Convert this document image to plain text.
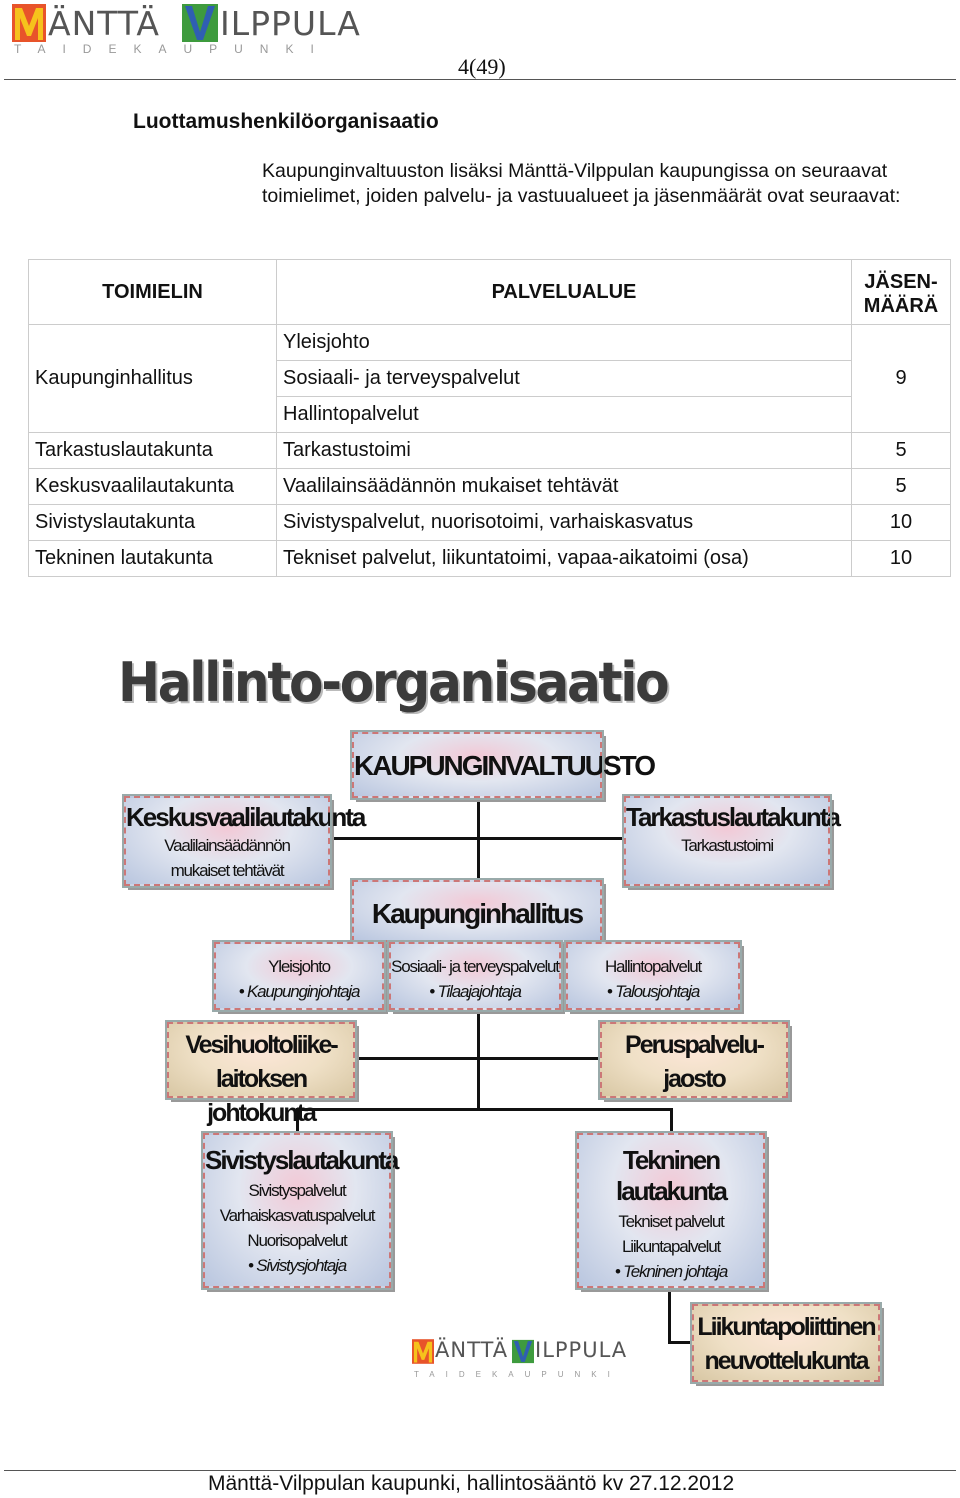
ÄNTTÄ ILPPULA
TAIDEKAUPUNKI
4(49)
Luottamushenkilöorganisaatio

Kaupunginvaltuuston lisäksi Mänttä-Vilppulan kaupungissa on seuraavat toimielimet, joiden palvelu- ja vastuualueet ja jäsenmäärät ovat seuraavat:

TOIMIELIN	PALVELUALUE	JÄSEN-
MÄÄRÄ
Kaupunginhallitus	Yleisjohto	9
	Sosiaali- ja terveyspalvelut	
	Hallintopalvelut	
Tarkastuslautakunta	Tarkastustoimi	5
Keskusvaalilautakunta	Vaalilainsäädännön mukaiset tehtävät	5
Sivistyslautakunta	Sivistyspalvelut, nuorisotoimi, varhaiskasvatus	10
Tekninen lautakunta	Tekniset palvelut, liikuntatoimi, vapaa-aikatoimi (osa)	10
Hallinto-organisaatio
KAUPUNGINVALTUUSTO
Keskusvaalilautakunta
Vaalilainsäädännön
mukaiset tehtävät
Tarkastuslautakunta
Tarkastustoimi
Kaupunginhallitus
Yleisjohto
• Kaupunginjohtaja
Sosiaali- ja terveyspalvelut
• Tilaajajohtaja
Hallintopalvelut
• Talousjohtaja
Vesihuoltoliike-
laitoksen johtokunta
Peruspalvelu-
jaosto
Sivistyslautakunta
Sivistyspalvelut
Varhaiskasvatuspalvelut
Nuorisopalvelut
• Sivistysjohtaja
Tekninen lautakunta
Tekniset palvelut
Liikuntapalvelut
• Tekninen johtaja
Liikuntapoliittinen
neuvottelukunta
ÄNTTÄ ILPPULA
TAIDEKAUPUNKI
Mänttä-Vilppulan kaupunki, hallintosääntö kv 27.12.2012
